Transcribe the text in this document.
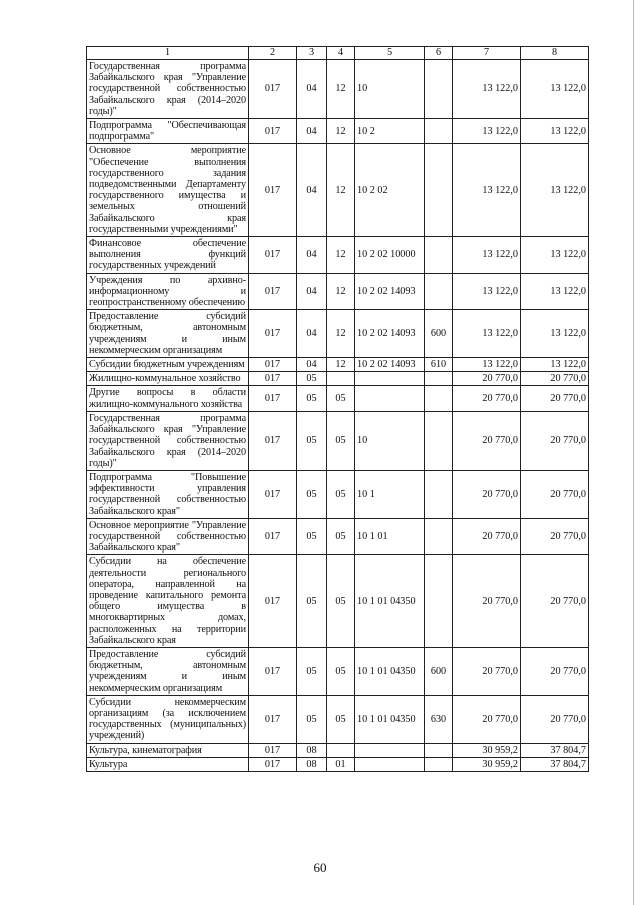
1	2	3	4	5	6	7	8
Государственная программа Забайкальского края "Управление государственной собственностью Забайкальского края (2014–2020 годы)"	017	04	12	10		13 122,0	13 122,0
Подпрограмма "Обеспечивающая подпрограмма"	017	04	12	10 2		13 122,0	13 122,0
Основное мероприятие "Обеспечение выполнения государственного задания подведомственными Департаменту государственного имущества и земельных отношений Забайкальского края государственными учреждениями"	017	04	12	10 2 02		13 122,0	13 122,0
Финансовое обеспечение выполнения функций государственных учреждений	017	04	12	10 2 02 10000		13 122,0	13 122,0
Учреждения по архивно-информационному и геопространственному обеспечению	017	04	12	10 2 02 14093		13 122,0	13 122,0
Предоставление субсидий бюджетным, автономным учреждениям и иным некоммерческим организациям	017	04	12	10 2 02 14093	600	13 122,0	13 122,0
Субсидии бюджетным учреждениям	017	04	12	10 2 02 14093	610	13 122,0	13 122,0
Жилищно-коммунальное хозяйство	017	05				20 770,0	20 770,0
Другие вопросы в области жилищно-коммунального хозяйства	017	05	05			20 770,0	20 770,0
Государственная программа Забайкальского края "Управление государственной собственностью Забайкальского края (2014–2020 годы)"	017	05	05	10		20 770,0	20 770,0
Подпрограмма "Повышение эффективности управления государственной собственностью Забайкальского края"	017	05	05	10 1		20 770,0	20 770,0
Основное мероприятие "Управление государственной собственностью Забайкальского края"	017	05	05	10 1 01		20 770,0	20 770,0
Субсидии на обеспечение деятельности регионального оператора, направленной на проведение капитального ремонта общего имущества в многоквартирных домах, расположенных на территории Забайкальского края	017	05	05	10 1 01 04350		20 770,0	20 770,0
Предоставление субсидий бюджетным, автономным учреждениям и иным некоммерческим организациям	017	05	05	10 1 01 04350	600	20 770,0	20 770,0
Субсидии некоммерческим организациям (за исключением государственных (муниципальных) учреждений)	017	05	05	10 1 01 04350	630	20 770,0	20 770,0
Культура, кинематография	017	08				30 959,2	37 804,7
Культура	017	08	01			30 959,2	37 804,7
60
